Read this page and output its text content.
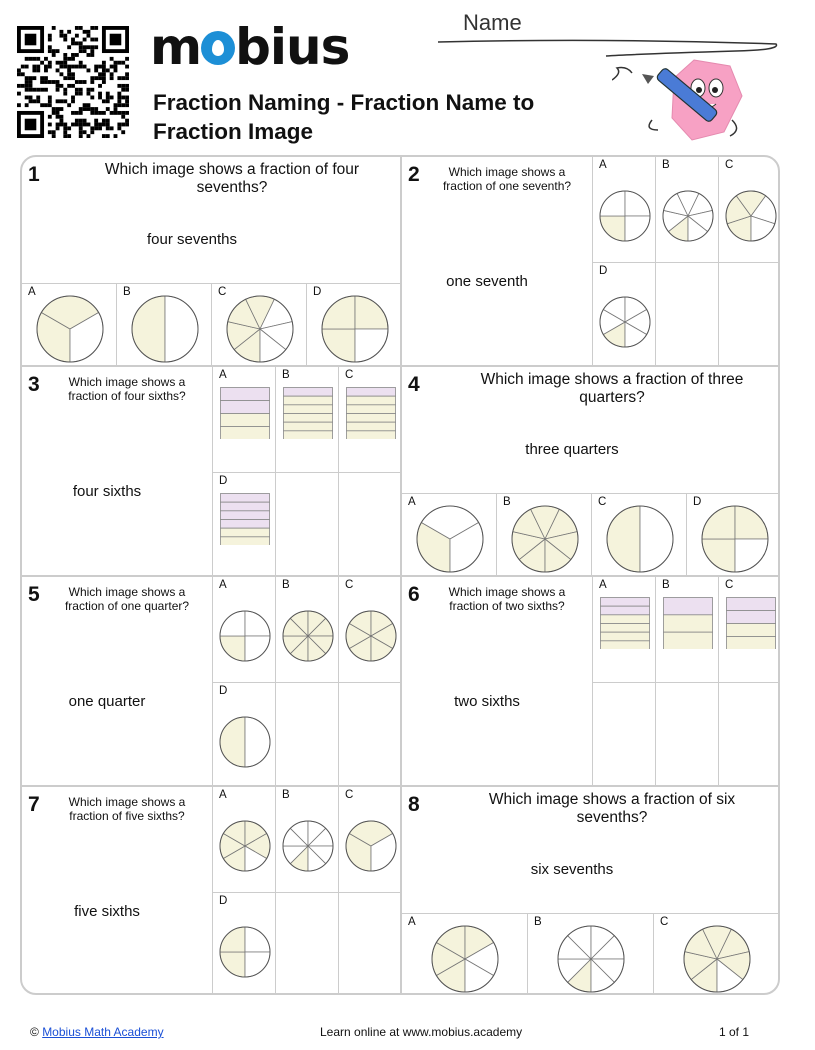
m bius
Fraction Naming - Fraction Name to Fraction Image
Name
1	Which image shows a fraction of four sevenths?
four sevenths
A	B	C	D
2	Which image shows a fraction of one seventh?
one seventh
A	B	C
D
3	Which image shows a fraction of four sixths?
four sixths
A	B	C
D
4	Which image shows a fraction of three quarters?
three quarters
A	B	C	D
5	Which image shows a fraction of one quarter?
one quarter
A	B	C
D
6	Which image shows a fraction of two sixths?
two sixths
A	B	C
7	Which image shows a fraction of five sixths?
five sixths
A	B	C
D
8	Which image shows a fraction of six sevenths?
six sevenths
A	B	C
© Mobius Math Academy	Learn online at www.mobius.academy	1 of 1
